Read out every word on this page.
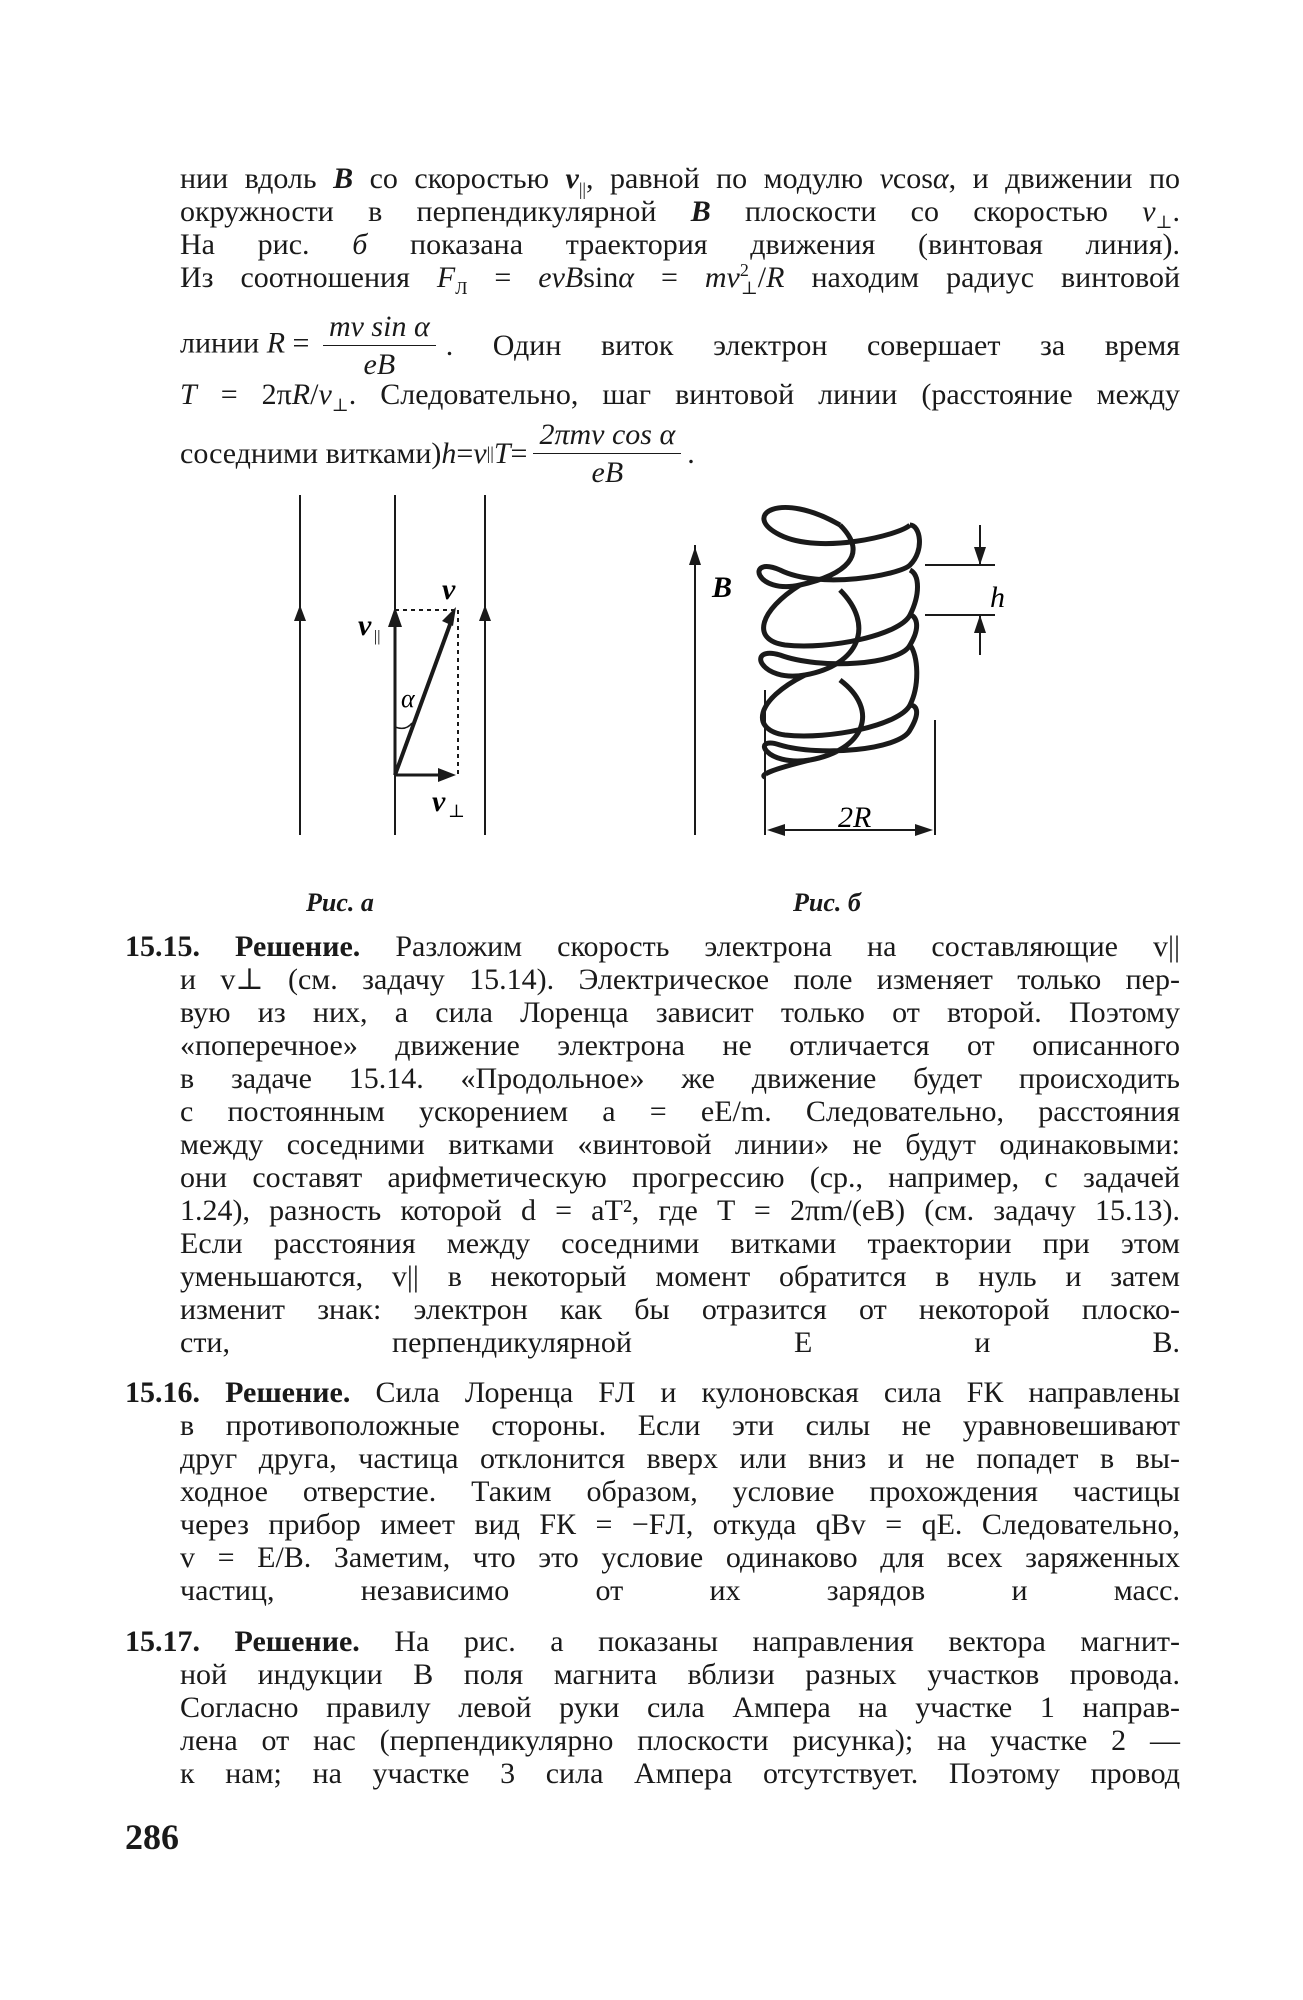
нии вдоль B со скоростью $v_{||}$, равной по модулю vcosα, и движении по
окружности в перпендикулярной B плоскости со скоростью $v_\perp$.
На рис. б показана траектория движения (винтовая линия).
Из соотношения $F_Л = evBsin\alpha = mv^2_\perp/R$ находим радиус винтовой
линии $R = \frac{\text{mv sin α}}{eB}$ . Один виток электрон совершает за время
$T = 2\pi R/v_\perp$. Следовательно, шаг винтовой линии (расстояние между
соседними витками) h = v || $T = \frac{\text{2πmv cos α}}{eB}$ .
α
v
v ||
v ⊥
Рис. а
B
2R
h
Рис. б
15.15. Решение. Разложим скорость электрона на составляющие v||
и v⊥ (см. задачу 15.14). Электрическое поле изменяет только пер-
вую из них, а сила Лоренца зависит только от второй. Поэтому
«поперечное» движение электрона не отличается от описанного
в задаче 15.14. «Продольное» же движение будет происходить
с постоянным ускорением a = eE/m. Следовательно, расстояния
между соседними витками «винтовой линии» не будут одинаковыми:
они составят арифметическую прогрессию (ср., например, с задачей
1.24), разность которой d = aT², где T = 2πm/(eB) (см. задачу 15.13).
Если расстояния между соседними витками траектории при этом
уменьшаются, v|| в некоторый момент обратится в нуль и затем
изменит знак: электрон как бы отразится от некоторой плоско-
сти, перпендикулярной E и B.
15.16. Решение. Сила Лоренца FЛ и кулоновская сила FК направлены
в противоположные стороны. Если эти силы не уравновешивают
друг друга, частица отклонится вверх или вниз и не попадет в вы-
ходное отверстие. Таким образом, условие прохождения частицы
через прибор имеет вид FК = −FЛ, откуда qBv = qE. Следовательно,
v = E/B. Заметим, что это условие одинаково для всех заряженных
частиц, независимо от их зарядов и масс.
15.17. Решение. На рис. а показаны направления вектора магнит-
ной индукции B поля магнита вблизи разных участков провода.
Согласно правилу левой руки сила Ампера на участке 1 направ-
лена от нас (перпендикулярно плоскости рисунка); на участке 2 —
к нам; на участке 3 сила Ампера отсутствует. Поэтому провод
286
